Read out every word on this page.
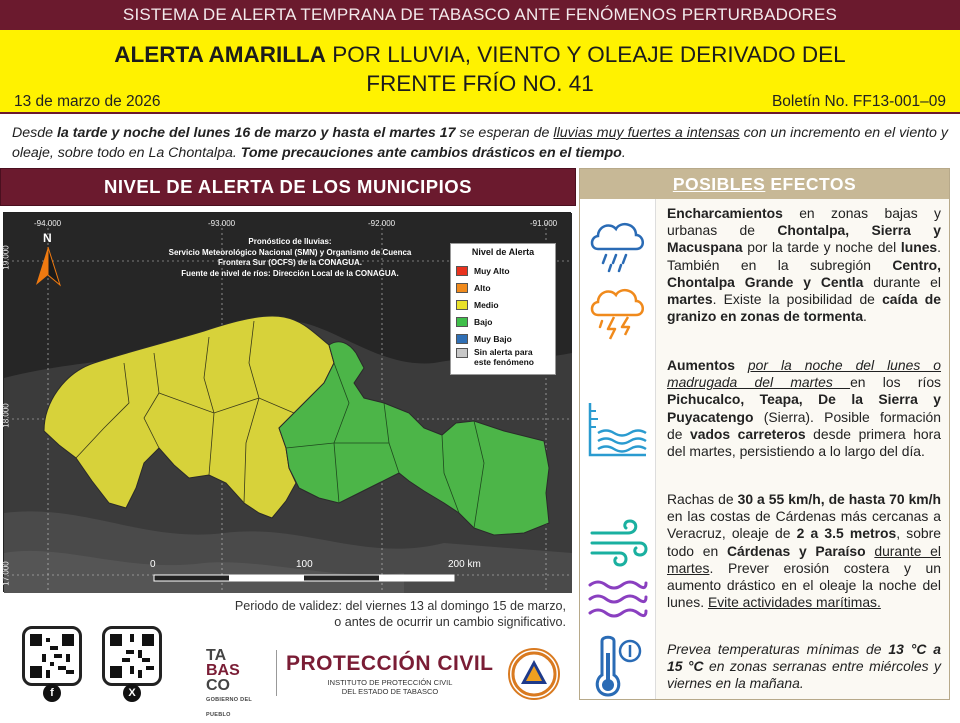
SISTEMA DE ALERTA TEMPRANA DE TABASCO ANTE FENÓMENOS PERTURBADORES
ALERTA AMARILLA POR LLUVIA, VIENTO Y OLEAJE DERIVADO DEL
FRENTE FRÍO NO. 41
13 de marzo de 2026	Boletín No. FF13-001–09
Desde la tarde y noche del lunes 16 de marzo y hasta el martes 17 se esperan de lluvias muy fuertes a intensas con un incremento en el viento y oleaje, sobre todo en La Chontalpa. Tome precauciones ante cambios drásticos en el tiempo.
NIVEL DE ALERTA DE LOS MUNICIPIOS
N
-94.000	-93.000	-92.000	-91.000
19.000
18.000
17.000
Pronóstico de lluvias:
Servicio Meteorológico Nacional (SMN) y Organismo de Cuenca
Frontera Sur (OCFS) de la CONAGUA.
Fuente de nivel de ríos: Dirección Local de la CONAGUA.
Nivel de Alerta
Muy Alto
Alto
Medio
Bajo
Muy Bajo
Sin alerta para este fenómeno
0	100	200 km
Periodo de validez: del viernes 13 al domingo 15 de marzo,
o antes de ocurrir un cambio significativo.
f	X
TA
BAS
CO
GOBIERNO DEL PUEBLO
PROTECCIÓN CIVIL
INSTITUTO DE PROTECCIÓN CIVIL
DEL ESTADO DE TABASCO
POSIBLES EFECTOS
Encharcamientos en zonas bajas y urbanas de Chontalpa, Sierra y Macuspana por la tarde y noche del lunes. También en la subregión Centro, Chontalpa Grande y Centla durante el martes. Existe la posibilidad de caída de granizo en zonas de tormenta.
Aumentos por la noche del lunes o madrugada del martes en los ríos Pichucalco, Teapa, De la Sierra y Puyacatengo (Sierra). Posible formación de vados carreteros desde primera hora del martes, persistiendo a lo largo del día.
Rachas de 30 a 55 km/h, de hasta 70 km/h en las costas de Cárdenas más cercanas a Veracruz, oleaje de 2 a 3.5 metros, sobre todo en Cárdenas y Paraíso durante el martes. Prever erosión costera y un aumento drástico en el oleaje la noche del lunes. Evite actividades marítimas.
Prevea temperaturas mínimas de 13 °C a 15 °C en zonas serranas entre miércoles y viernes en la mañana.
